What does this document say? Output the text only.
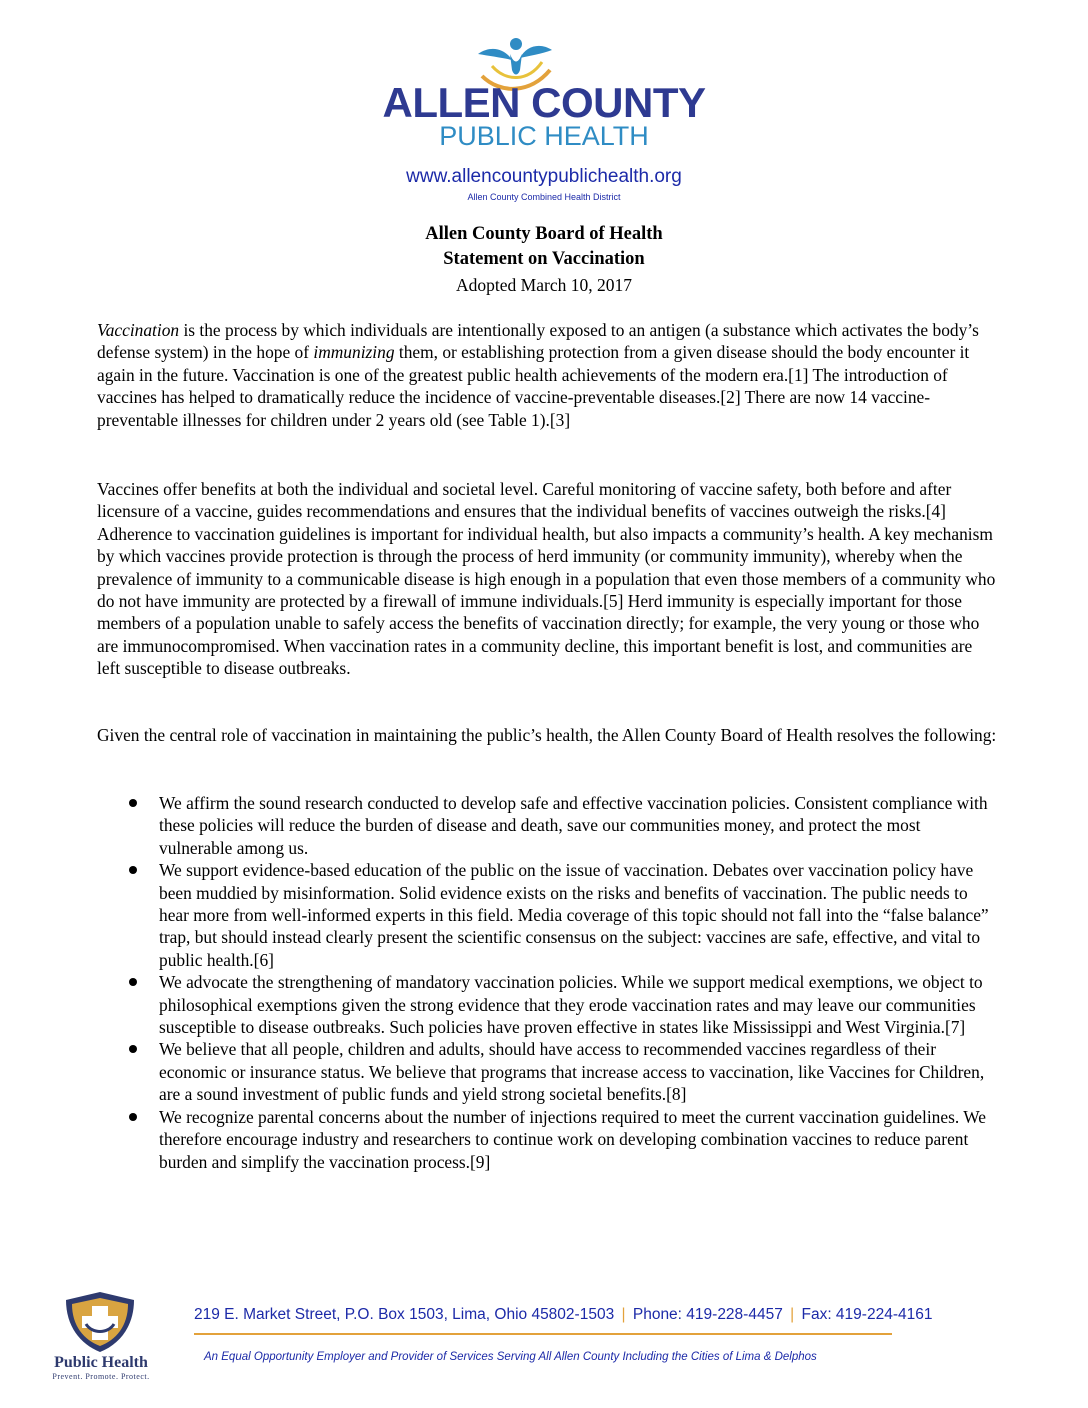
ALLEN COUNTY
PUBLIC HEALTH
www.allencountypublichealth.org
Allen County Combined Health District
Allen County Board of Health
Statement on Vaccination
Adopted March 10, 2017
Vaccination is the process by which individuals are intentionally exposed to an antigen (a substance which activates the body’s defense system) in the hope of immunizing them, or establishing protection from a given disease should the body encounter it again in the future. Vaccination is one of the greatest public health achievements of the modern era.[1] The introduction of vaccines has helped to dramatically reduce the incidence of vaccine-preventable diseases.[2] There are now 14 vaccine-preventable illnesses for children under 2 years old (see Table 1).[3]
Vaccines offer benefits at both the individual and societal level. Careful monitoring of vaccine safety, both before and after licensure of a vaccine, guides recommendations and ensures that the individual benefits of vaccines outweigh the risks.[4] Adherence to vaccination guidelines is important for individual health, but also impacts a community’s health. A key mechanism by which vaccines provide protection is through the process of herd immunity (or community immunity), whereby when the prevalence of immunity to a communicable disease is high enough in a population that even those members of a community who do not have immunity are protected by a firewall of immune individuals.[5] Herd immunity is especially important for those members of a population unable to safely access the benefits of vaccination directly; for example, the very young or those who are immunocompromised. When vaccination rates in a community decline, this important benefit is lost, and communities are left susceptible to disease outbreaks.
Given the central role of vaccination in maintaining the public’s health, the Allen County Board of Health resolves the following:
We affirm the sound research conducted to develop safe and effective vaccination policies. Consistent compliance with these policies will reduce the burden of disease and death, save our communities money, and protect the most vulnerable among us.
We support evidence-based education of the public on the issue of vaccination. Debates over vaccination policy have been muddied by misinformation. Solid evidence exists on the risks and benefits of vaccination. The public needs to hear more from well-informed experts in this field. Media coverage of this topic should not fall into the “false balance” trap, but should instead clearly present the scientific consensus on the subject: vaccines are safe, effective, and vital to public health.[6]
We advocate the strengthening of mandatory vaccination policies. While we support medical exemptions, we object to philosophical exemptions given the strong evidence that they erode vaccination rates and may leave our communities susceptible to disease outbreaks. Such policies have proven effective in states like Mississippi and West Virginia.[7]
We believe that all people, children and adults, should have access to recommended vaccines regardless of their economic or insurance status. We believe that programs that increase access to vaccination, like Vaccines for Children, are a sound investment of public funds and yield strong societal benefits.[8]
We recognize parental concerns about the number of injections required to meet the current vaccination guidelines. We therefore encourage industry and researchers to continue work on developing combination vaccines to reduce parent burden and simplify the vaccination process.[9]
Public Health
Prevent. Promote. Protect.
219 E. Market Street, P.O. Box 1503, Lima, Ohio 45802-1503 | Phone: 419-228-4457 | Fax: 419-224-4161
An Equal Opportunity Employer and Provider of Services Serving All Allen County Including the Cities of Lima & Delphos
